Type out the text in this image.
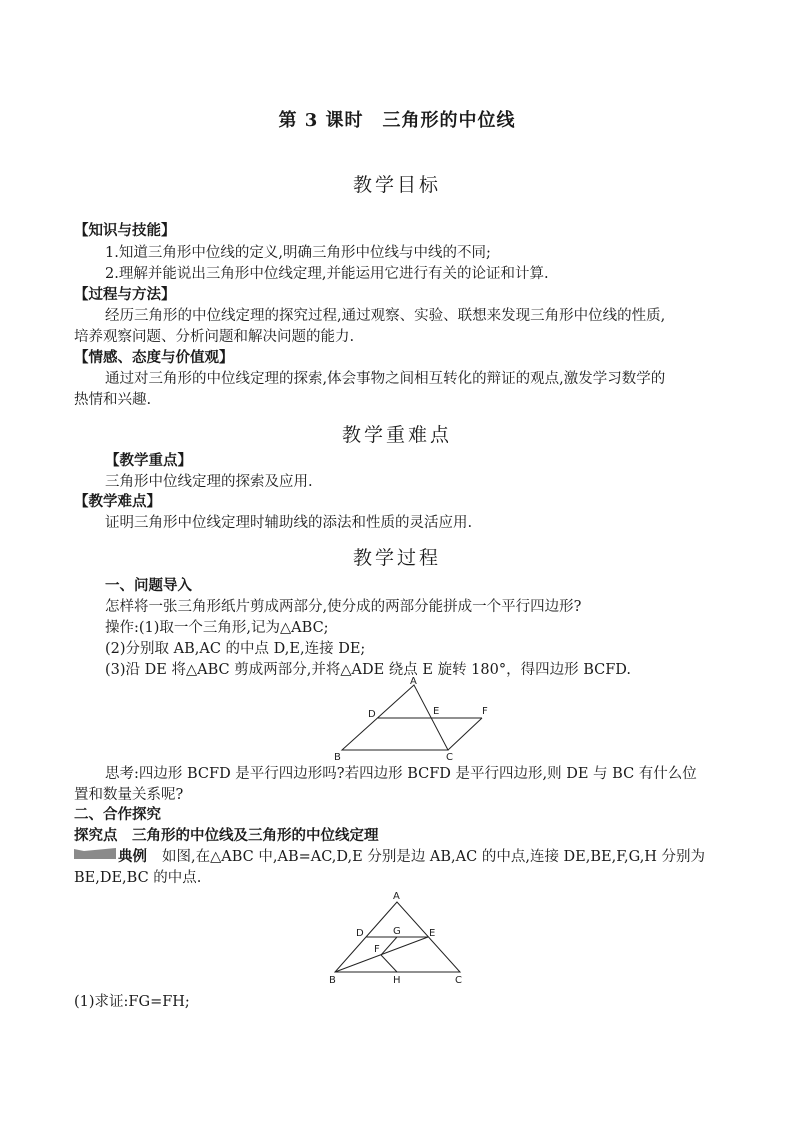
第 3 课时　三角形的中位线
教学目标
【知识与技能】
1.知道三角形中位线的定义,明确三角形中位线与中线的不同;
2.理解并能说出三角形中位线定理,并能运用它进行有关的论证和计算.
【过程与方法】
经历三角形的中位线定理的探究过程,通过观察、实验、联想来发现三角形中位线的性质,
培养观察问题、分析问题和解决问题的能力.
【情感、态度与价值观】
通过对三角形的中位线定理的探索,体会事物之间相互转化的辩证的观点,激发学习数学的
热情和兴趣.
教学重难点
【教学重点】
三角形中位线定理的探索及应用.
【教学难点】
证明三角形中位线定理时辅助线的添法和性质的灵活应用.
教学过程
一、问题导入
怎样将一张三角形纸片剪成两部分,使分成的两部分能拼成一个平行四边形?
操作:(1)取一个三角形,记为△ABC;
(2)分别取 AB,AC 的中点 D,E,连接 DE;
(3)沿 DE 将△ABC 剪成两部分,并将△ADE 绕点 E 旋转 180°，得四边形 BCFD.
A
D	E	F
B	C
思考:四边形 BCFD 是平行四边形吗?若四边形 BCFD 是平行四边形,则 DE 与 BC 有什么位
置和数量关系呢?
二、合作探究
探究点　三角形的中位线及三角形的中位线定理
典例 如图,在△ABC 中,AB=AC,D,E 分别是边 AB,AC 的中点,连接 DE,BE,F,G,H 分别为
BE,DE,BC 的中点.
A
D	G	E
F
B	H	C
(1)求证:FG=FH;
